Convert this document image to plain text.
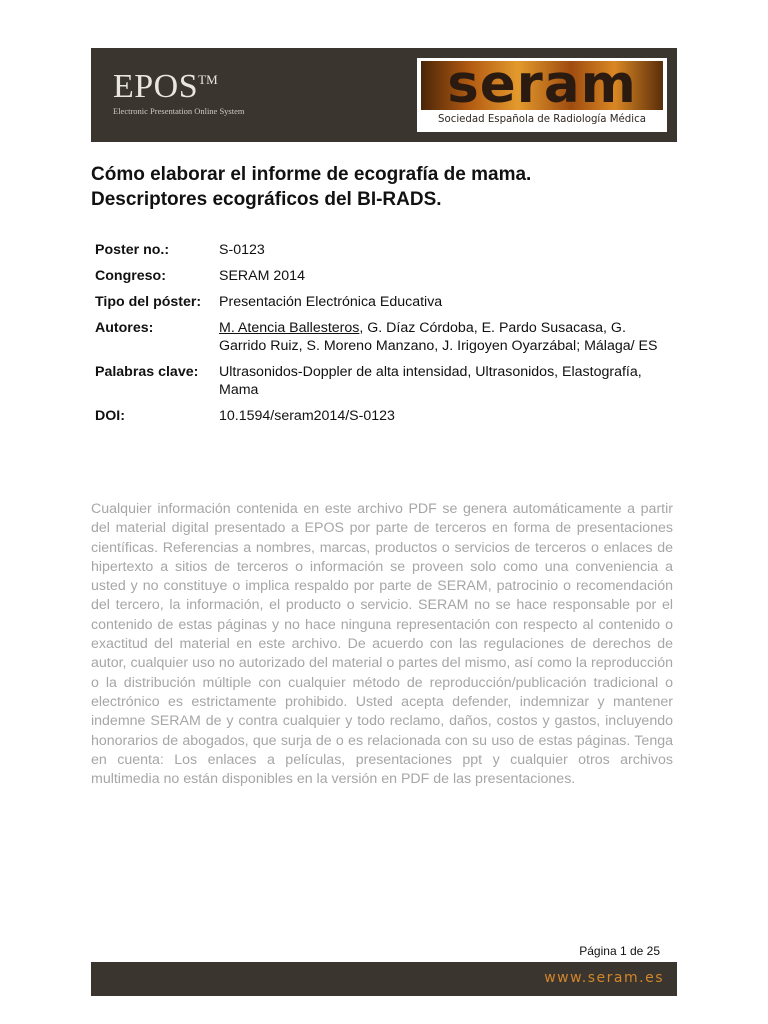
EPOS™
Electronic Presentation Online System	seram
Sociedad Española de Radiología Médica
Cómo elaborar el informe de ecografía de mama.
Descriptores ecográficos del BI-RADS.
Poster no.:	S-0123
Congreso:	SERAM 2014
Tipo del póster:	Presentación Electrónica Educativa
Autores:	M. Atencia Ballesteros, G. Díaz Córdoba, E. Pardo Susacasa, G. Garrido Ruiz, S. Moreno Manzano, J. Irigoyen Oyarzábal; Málaga/ ES
Palabras clave:	Ultrasonidos-Doppler de alta intensidad, Ultrasonidos, Elastografía, Mama
DOI:	10.1594/seram2014/S-0123

Cualquier información contenida en este archivo PDF se genera automáticamente a partir del material digital presentado a EPOS por parte de terceros en forma de presentaciones científicas. Referencias a nombres, marcas, productos o servicios de terceros o enlaces de hipertexto a sitios de terceros o información se proveen solo como una conveniencia a usted y no constituye o implica respaldo por parte de SERAM, patrocinio o recomendación del tercero, la información, el producto o servicio. SERAM no se hace responsable por el contenido de estas páginas y no hace ninguna representación con respecto al contenido o exactitud del material en este archivo. De acuerdo con las regulaciones de derechos de autor, cualquier uso no autorizado del material o partes del mismo, así como la reproducción o la distribución múltiple con cualquier método de reproducción/publicación tradicional o electrónico es estrictamente prohibido. Usted acepta defender, indemnizar y mantener indemne SERAM de y contra cualquier y todo reclamo, daños, costos y gastos, incluyendo honorarios de abogados, que surja de o es relacionada con su uso de estas páginas. Tenga en cuenta: Los enlaces a películas, presentaciones ppt y cualquier otros archivos multimedia no están disponibles en la versión en PDF de las presentaciones.

Página 1 de 25
www.seram.es
